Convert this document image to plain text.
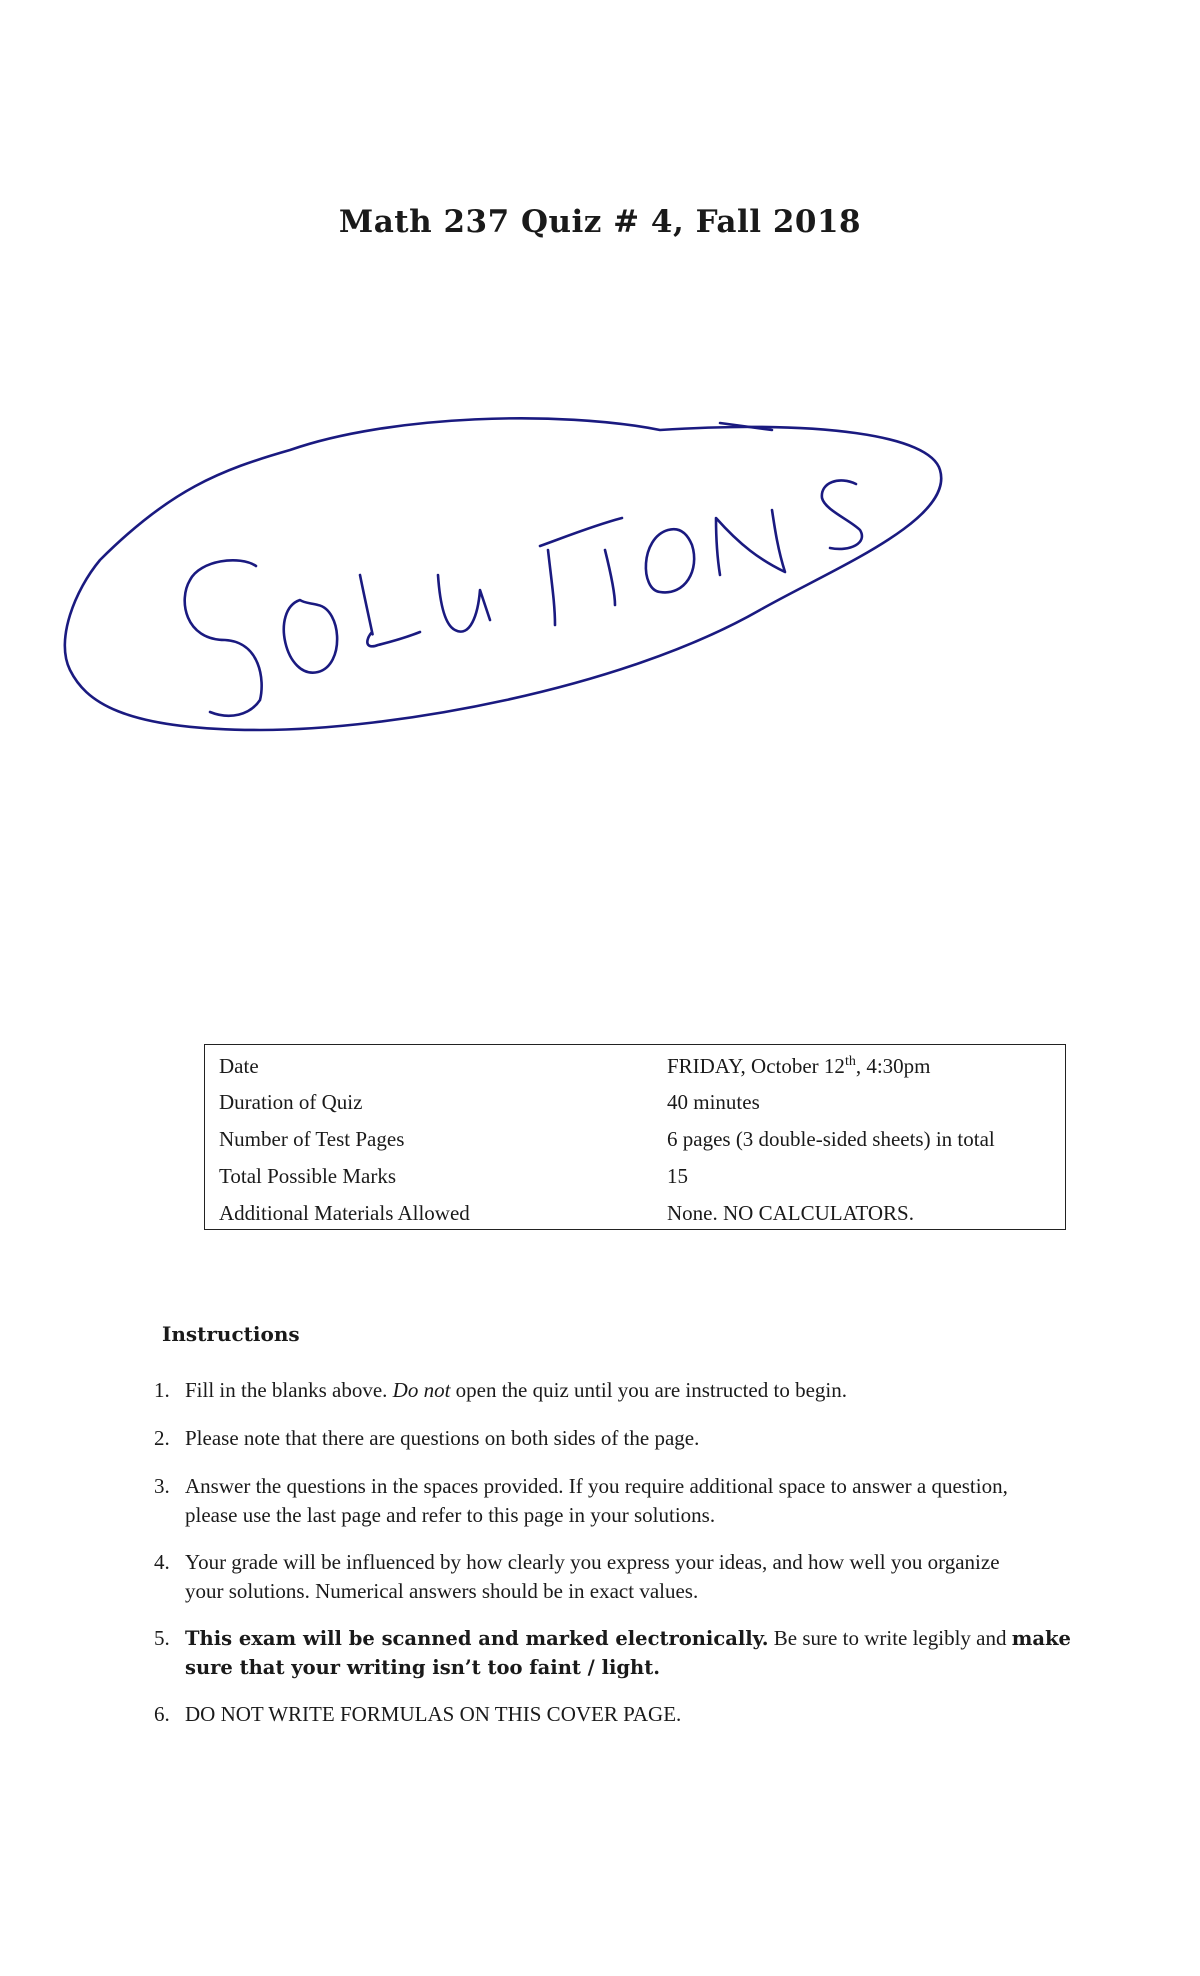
Math 237 Quiz # 4, Fall 2018
Date	FRIDAY, October 12th, 4:30pm
Duration of Quiz	40 minutes
Number of Test Pages	6 pages (3 double-sided sheets) in total
Total Possible Marks	15
Additional Materials Allowed	None. NO CALCULATORS.
Instructions
1. Fill in the blanks above. Do not open the quiz until you are instructed to begin.
2. Please note that there are questions on both sides of the page.
3. Answer the questions in the spaces provided. If you require additional space to answer a question,
please use the last page and refer to this page in your solutions.
4. Your grade will be influenced by how clearly you express your ideas, and how well you organize
your solutions. Numerical answers should be in exact values.
5. This exam will be scanned and marked electronically. Be sure to write legibly and make
sure that your writing isn’t too faint / light.
6. DO NOT WRITE FORMULAS ON THIS COVER PAGE.
